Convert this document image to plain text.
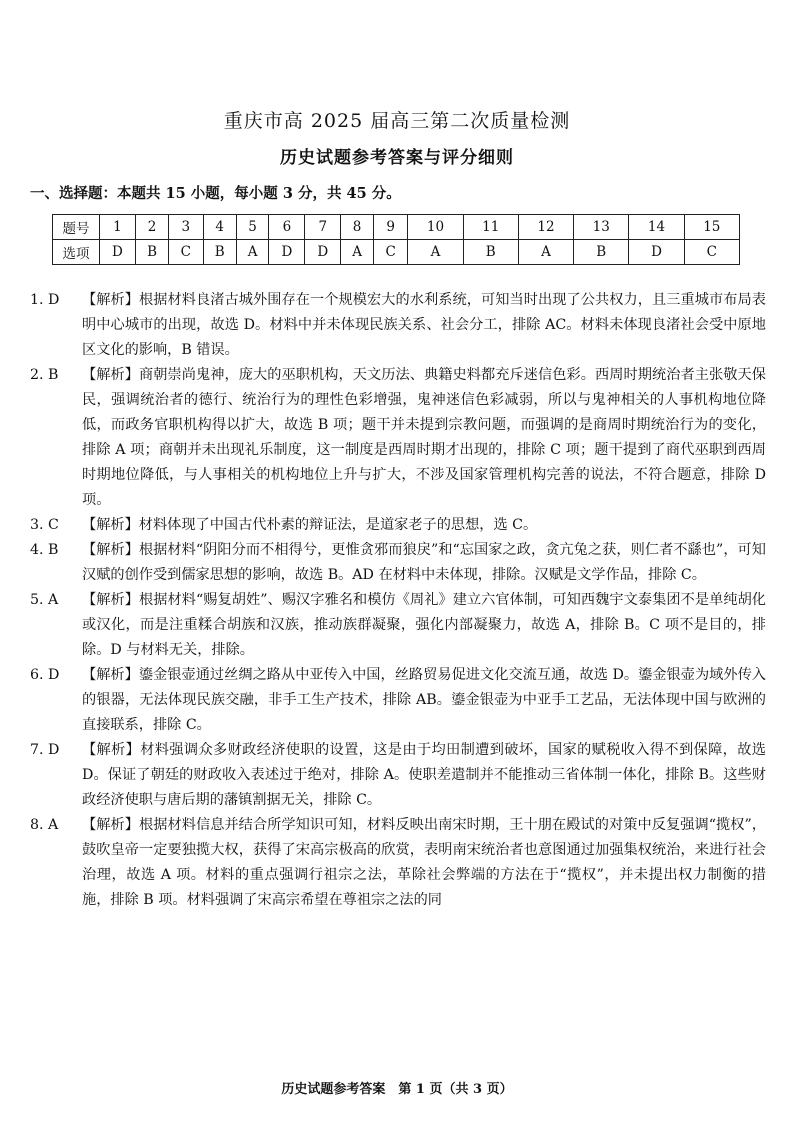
重庆市高 2025 届高三第二次质量检测
历史试题参考答案与评分细则
一、选择题：本题共 15 小题，每小题 3 分，共 45 分。
题号	1	2	3	4	5	6	7	8	9	10	11	12	13	14	15
选项	D	B	C	B	A	D	D	A	C	A	B	A	B	D	C
1. D	【解析】根据材料良渚古城外围存在一个规模宏大的水利系统，可知当时出现了公共权力，且三重城市布局表明中心城市的出现，故选 D。材料中并未体现民族关系、社会分工，排除 AC。材料未体现良渚社会受中原地区文化的影响，B 错误。
2. B	【解析】商朝崇尚鬼神，庞大的巫职机构，天文历法、典籍史料都充斥迷信色彩。西周时期统治者主张敬天保民，强调统治者的德行、统治行为的理性色彩增强，鬼神迷信色彩减弱，所以与鬼神相关的人事机构地位降低，而政务官职机构得以扩大，故选 B 项；题干并未提到宗教问题，而强调的是商周时期统治行为的变化，排除 A 项；商朝并未出现礼乐制度，这一制度是西周时期才出现的，排除 C 项；题干提到了商代巫职到西周时期地位降低，与人事相关的机构地位上升与扩大，不涉及国家管理机构完善的说法，不符合题意，排除 D 项。
3. C	【解析】材料体现了中国古代朴素的辩证法，是道家老子的思想，选 C。
4. B	【解析】根据材料“阴阳分而不相得兮，更惟贪邪而狼戾”和“忘国家之政，贪亢兔之获，则仁者不繇也”，可知汉赋的创作受到儒家思想的影响，故选 B。AD 在材料中未体现，排除。汉赋是文学作品，排除 C。
5. A	【解析】根据材料“赐复胡姓”、赐汉字雅名和模仿《周礼》建立六官体制，可知西魏宇文泰集团不是单纯胡化或汉化，而是注重糅合胡族和汉族，推动族群凝聚，强化内部凝聚力，故选 A，排除 B。C 项不是目的，排除。D 与材料无关，排除。
6. D	【解析】鎏金银壶通过丝绸之路从中亚传入中国，丝路贸易促进文化交流互通，故选 D。鎏金银壶为域外传入的银器，无法体现民族交融，非手工生产技术，排除 AB。鎏金银壶为中亚手工艺品，无法体现中国与欧洲的直接联系，排除 C。
7. D	【解析】材料强调众多财政经济使职的设置，这是由于均田制遭到破坏，国家的赋税收入得不到保障，故选 D。保证了朝廷的财政收入表述过于绝对，排除 A。使职差遣制并不能推动三省体制一体化，排除 B。这些财政经济使职与唐后期的藩镇割据无关，排除 C。
8. A	【解析】根据材料信息并结合所学知识可知，材料反映出南宋时期，王十朋在殿试的对策中反复强调“揽权”，鼓吹皇帝一定要独揽大权，获得了宋高宗极高的欣赏，表明南宋统治者也意图通过加强集权统治，来进行社会治理，故选 A 项。材料的重点强调行祖宗之法，革除社会弊端的方法在于“揽权”，并未提出权力制衡的措施，排除 B 项。材料强调了宋高宗希望在尊祖宗之法的同
历史试题参考答案　第 1 页（共 3 页）
